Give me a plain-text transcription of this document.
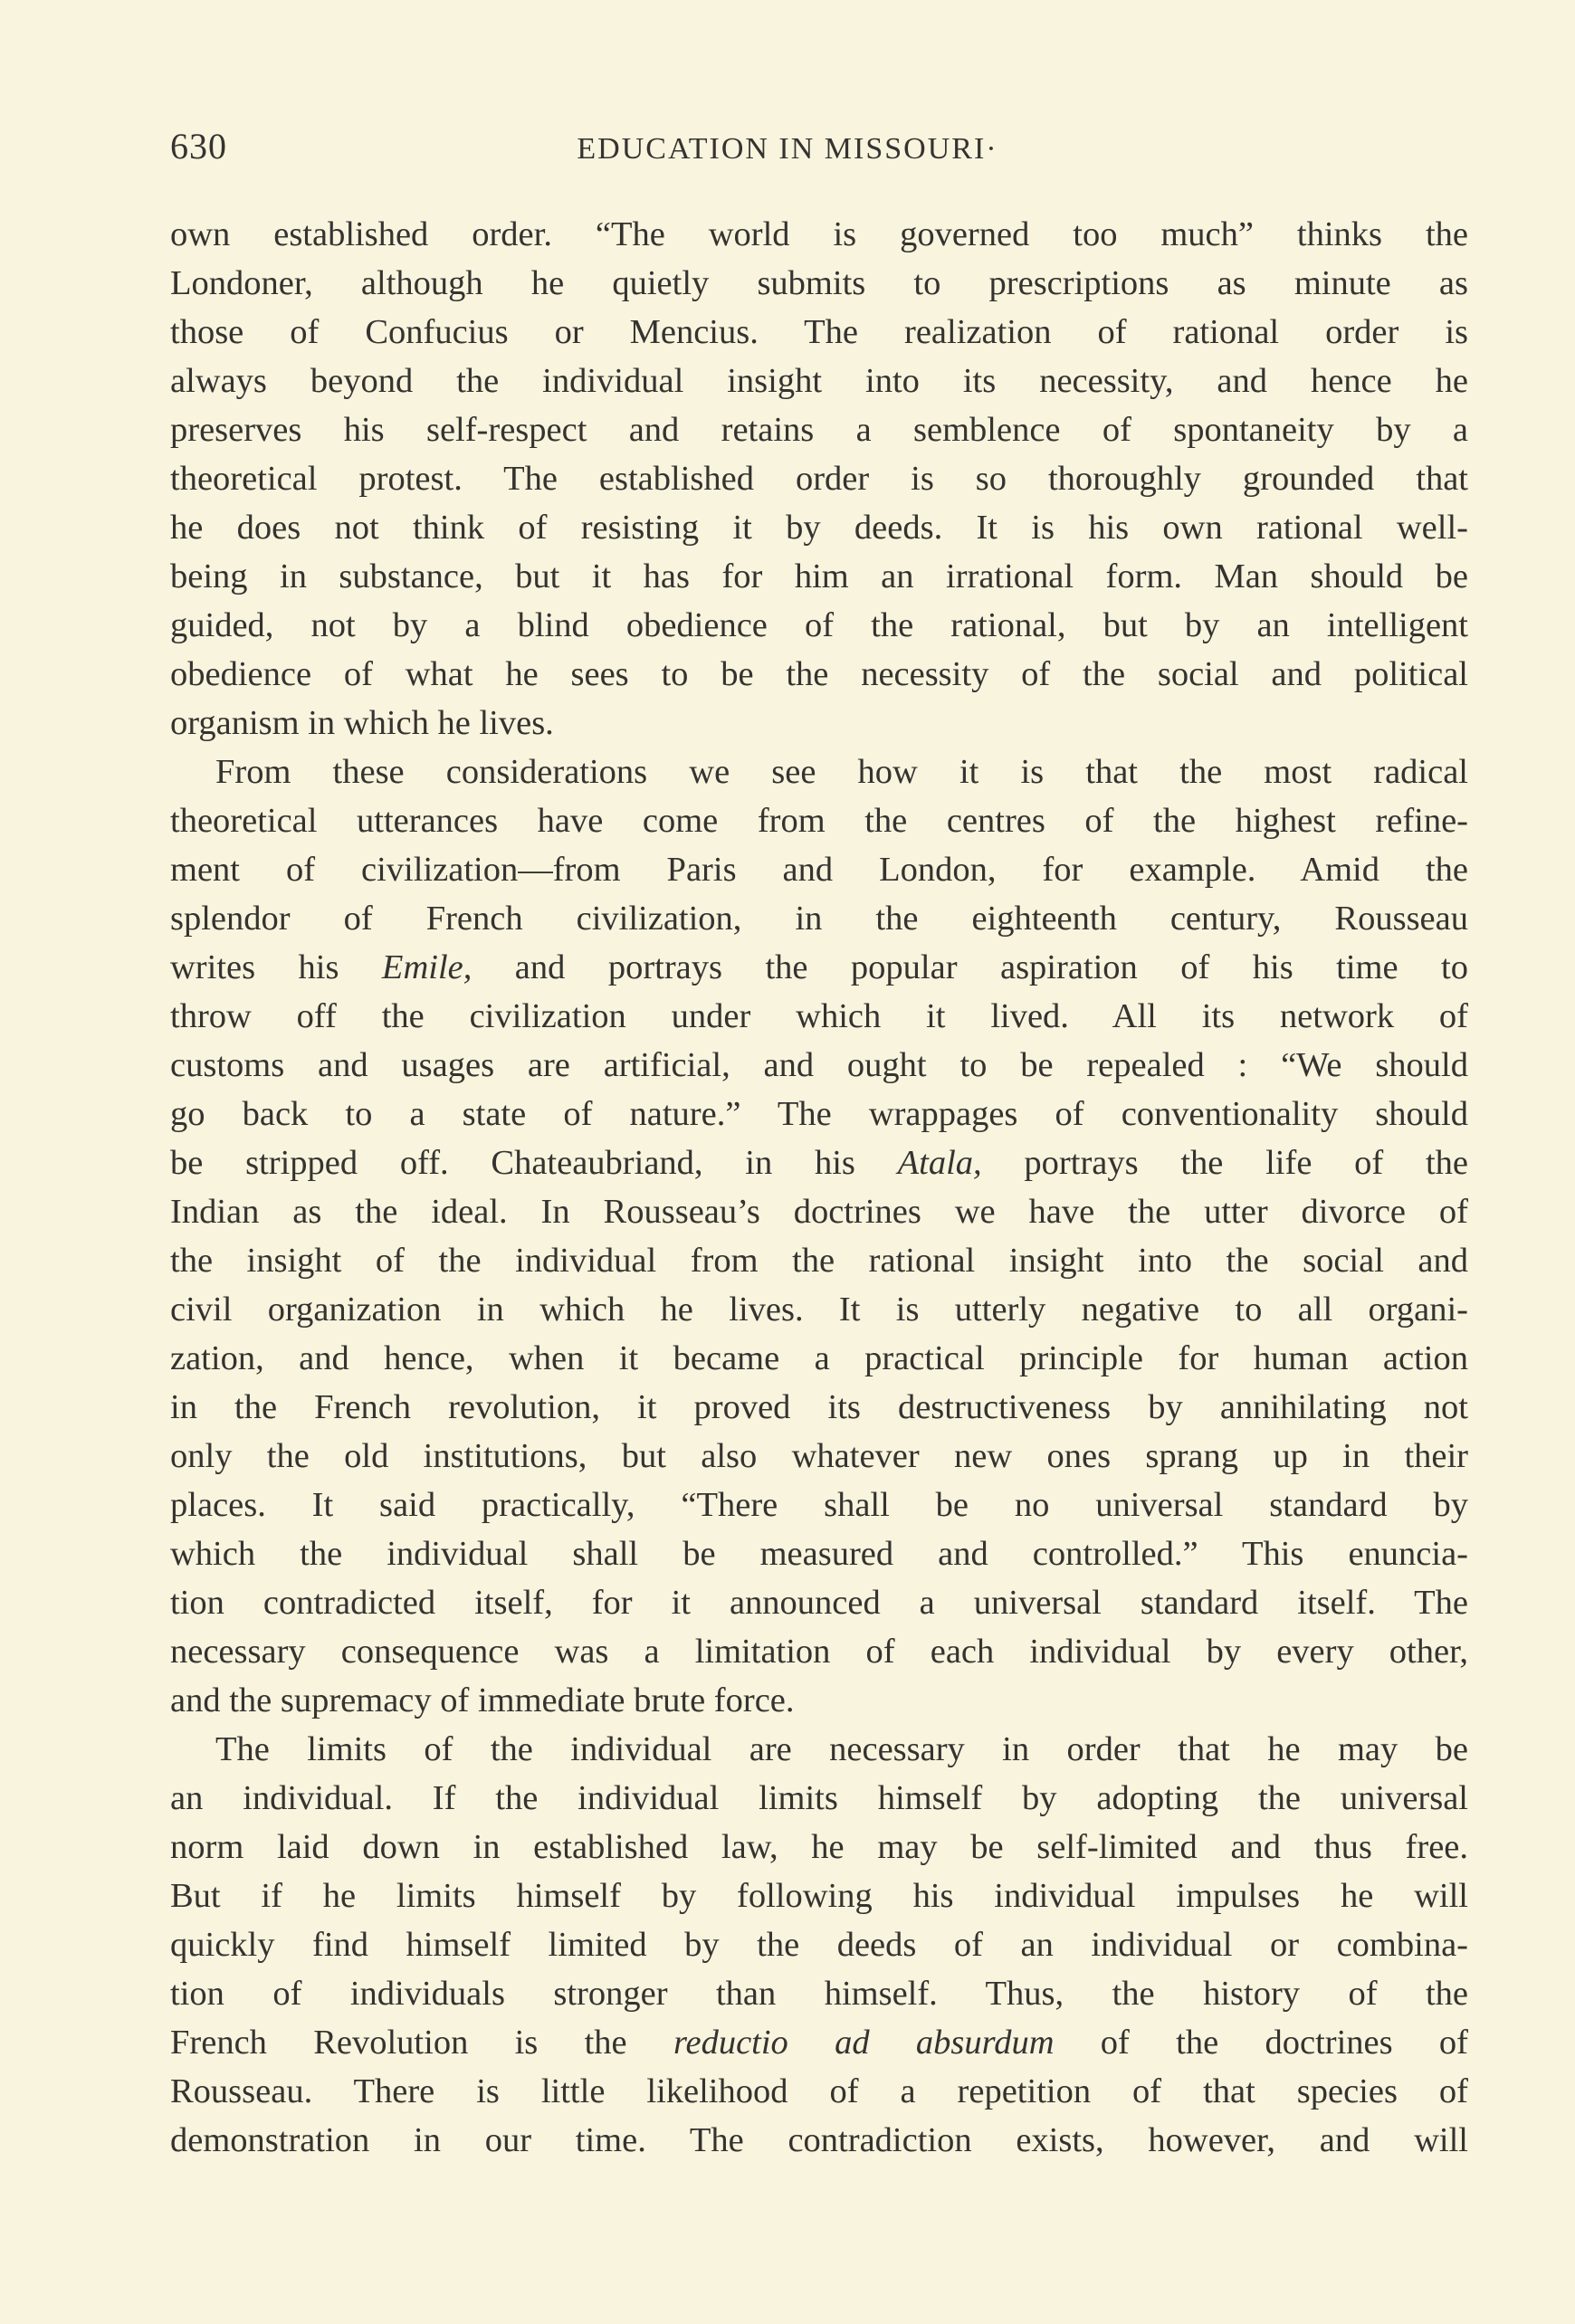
630	EDUCATION IN MISSOURI·
own established order. “The world is governed too much” thinks the
Londoner, although he quietly submits to prescriptions as minute as
those of Confucius or Mencius. The realization of rational order is
always beyond the individual insight into its necessity, and hence he
preserves his self-respect and retains a semblence of spontaneity by a
theoretical protest. The established order is so thoroughly grounded that
he does not think of resisting it by deeds. It is his own rational well-
being in substance, but it has for him an irrational form. Man should be
guided, not by a blind obedience of the rational, but by an intelligent
obedience of what he sees to be the necessity of the social and political
organism in which he lives.
From these considerations we see how it is that the most radical
theoretical utterances have come from the centres of the highest refine-
ment of civilization—from Paris and London, for example. Amid the
splendor of French civilization, in the eighteenth century, Rousseau
writes his Emile, and portrays the popular aspiration of his time to
throw off the civilization under which it lived. All its network of
customs and usages are artificial, and ought to be repealed : “We should
go back to a state of nature.” The wrappages of conventionality should
be stripped off. Chateaubriand, in his Atala, portrays the life of the
Indian as the ideal. In Rousseau’s doctrines we have the utter divorce of
the insight of the individual from the rational insight into the social and
civil organization in which he lives. It is utterly negative to all organi-
zation, and hence, when it became a practical principle for human action
in the French revolution, it proved its destructiveness by annihilating not
only the old institutions, but also whatever new ones sprang up in their
places. It said practically, “There shall be no universal standard by
which the individual shall be measured and controlled.” This enuncia-
tion contradicted itself, for it announced a universal standard itself. The
necessary consequence was a limitation of each individual by every other,
and the supremacy of immediate brute force.
The limits of the individual are necessary in order that he may be
an individual. If the individual limits himself by adopting the universal
norm laid down in established law, he may be self-limited and thus free.
But if he limits himself by following his individual impulses he will
quickly find himself limited by the deeds of an individual or combina-
tion of individuals stronger than himself. Thus, the history of the
French Revolution is the reductio ad absurdum of the doctrines of
Rousseau. There is little likelihood of a repetition of that species of
demonstration in our time. The contradiction exists, however, and will
